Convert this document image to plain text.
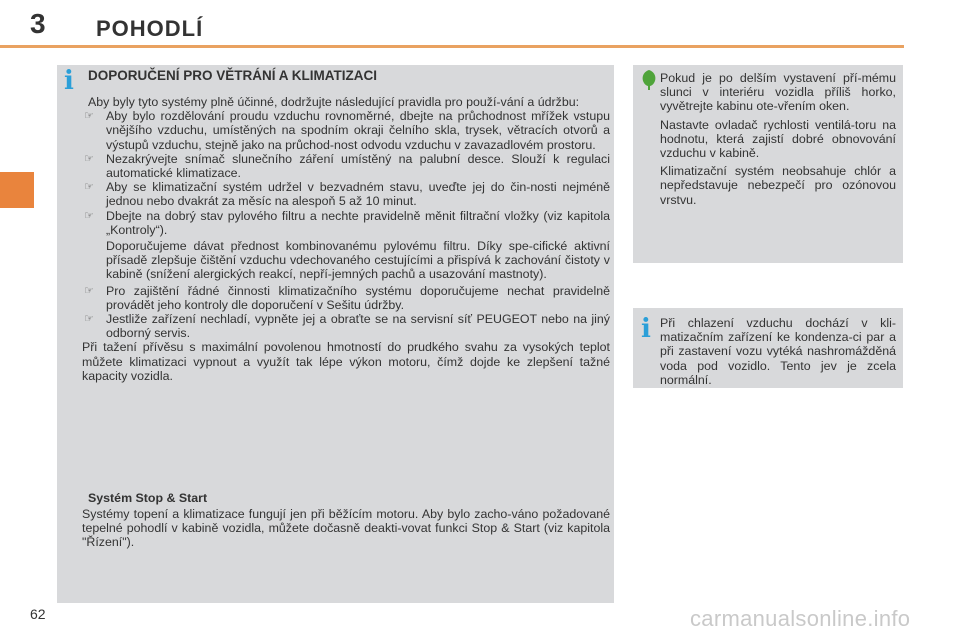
3 POHODLÍ
i DOPORUČENÍ PRO VĚTRÁNÍ A KLIMATIZACI

Aby byly tyto systémy plně účinné, dodržujte následující pravidla pro použí-vání a údržbu:

☞ Aby bylo rozdělování proudu vzduchu rovnoměrné, dbejte na průchodnost mřížek vstupu vnějšího vzduchu, umístěných na spodním okraji čelního skla, trysek, větracích otvorů a výstupů vzduchu, stejně jako na průchod-nost odvodu vzduchu v zavazadlovém prostoru.

☞ Nezakrývejte snímač slunečního záření umístěný na palubní desce. Slouží k regulaci automatické klimatizace.

☞ Aby se klimatizační systém udržel v bezvadném stavu, uveďte jej do čin-nosti nejméně jednou nebo dvakrát za měsíc na alespoň 5 až 10 minut.

☞ Dbejte na dobrý stav pylového filtru a nechte pravidelně měnit filtrační vložky (viz kapitola „Kontroly“).

Doporučujeme dávat přednost kombinovanému pylovému filtru. Díky spe-cifické aktivní přísadě zlepšuje čištění vzduchu vdechovaného cestujícími a přispívá k zachování čistoty v kabině (snížení alergických reakcí, nepří-jemných pachů a usazování mastnoty).

☞ Pro zajištění řádné činnosti klimatizačního systému doporučujeme nechat pravidelně provádět jeho kontroly dle doporučení v Sešitu údržby.

☞ Jestliže zařízení nechladí, vypněte jej a obraťte se na servisní síť PEUGEOT nebo na jiný odborný servis.

Při tažení přívěsu s maximální povolenou hmotností do prudkého svahu za vysokých teplot můžete klimatizaci vypnout a využít tak lépe výkon motoru, čímž dojde ke zlepšení tažné kapacity vozidla.

Systém Stop & Start
Systémy topení a klimatizace fungují jen při běžícím motoru. Aby bylo zacho-váno požadované tepelné pohodlí v kabině vozidla, můžete dočasně deakti-vovat funkci Stop & Start (viz kapitola "Řízení").

Pokud je po delším vystavení pří-mému slunci v interiéru vozidla příliš horko, vyvětrejte kabinu ote-vřením oken.

Nastavte ovladač rychlosti ventilá-toru na hodnotu, která zajistí dobré obnovování vzduchu v kabině.

Klimatizační systém neobsahuje chlór a nepředstavuje nebezpečí pro ozónovou vrstvu.

i Při chlazení vzduchu dochází v kli-matizačním zařízení ke kondenza-ci par a při zastavení vozu vytéká nashromážděná voda pod vozidlo. Tento jev je zcela normální.
62	carmanualsonline.info
